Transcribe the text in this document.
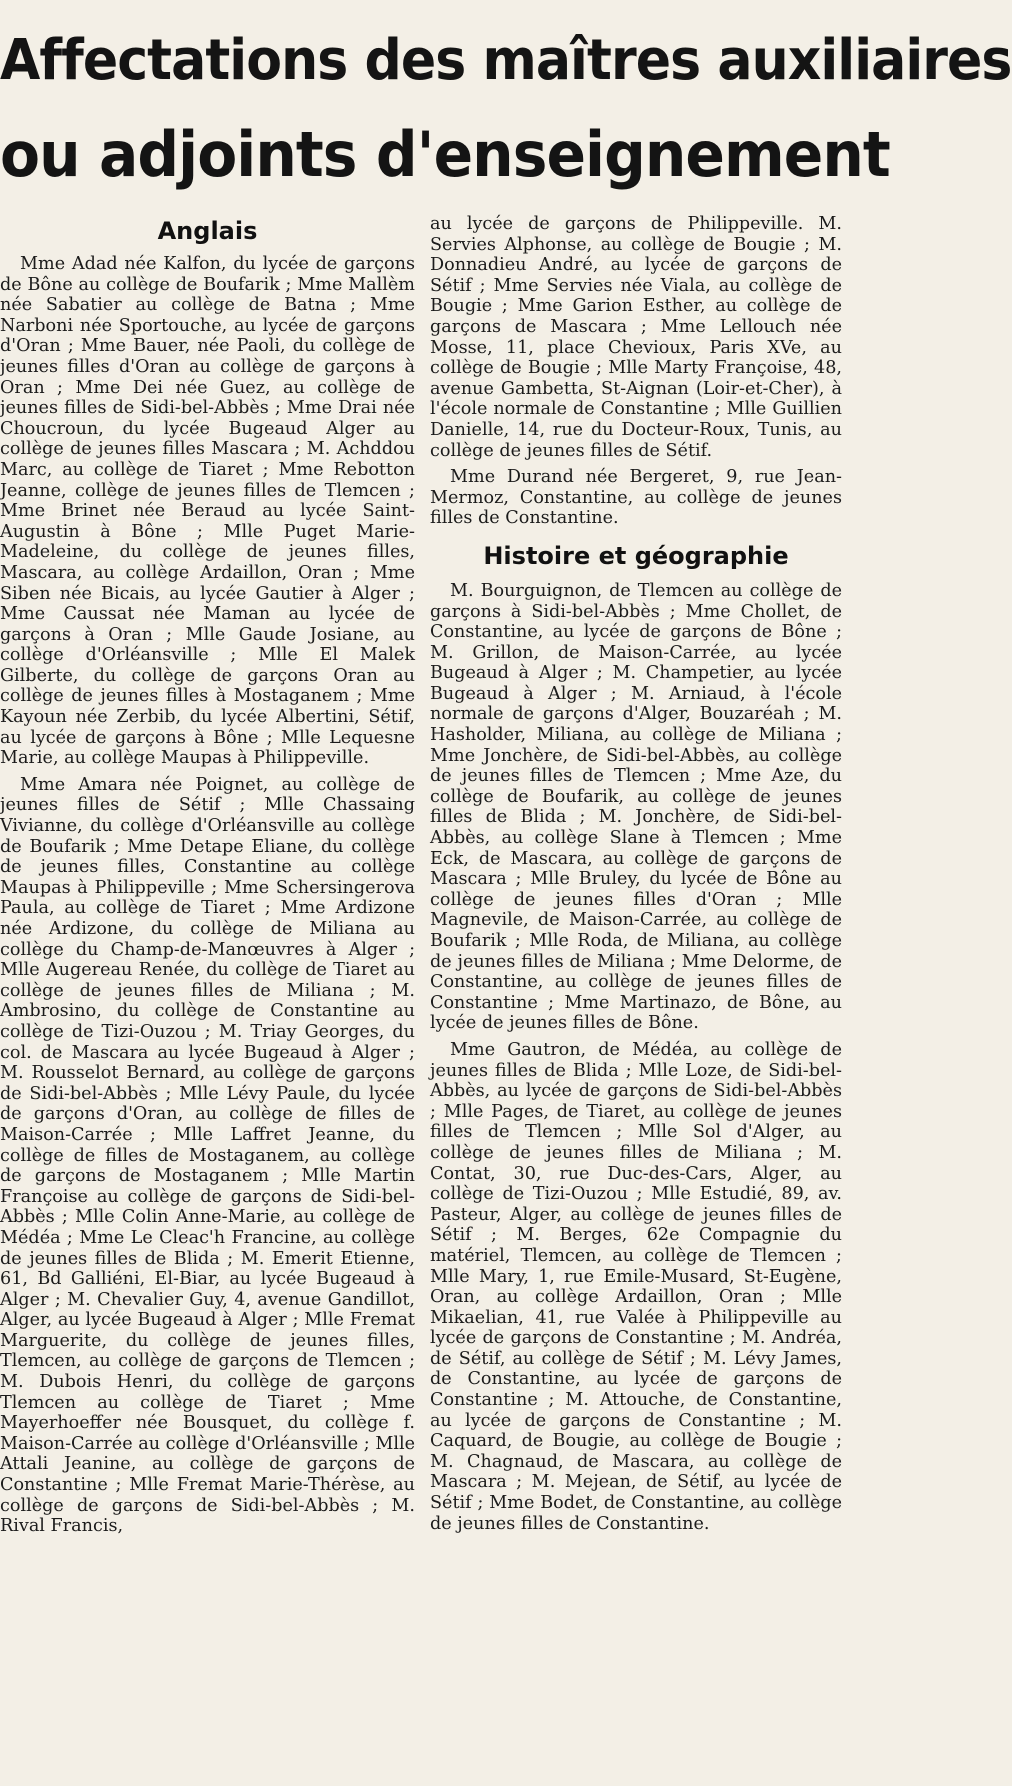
Affectations des maîtres auxiliaires
ou adjoints d'enseignement
Anglais

Mme Adad née Kalfon, du lycée de garçons de Bône au collège de Boufarik ; Mme Mallèm née Sabatier au collège de Batna ; Mme Narboni née Sportouche, au lycée de garçons d'Oran ; Mme Bauer, née Paoli, du collège de jeunes filles d'Oran au collège de garçons à Oran ; Mme Dei née Guez, au collège de jeunes filles de Sidi-bel-Abbès ; Mme Drai née Choucroun, du lycée Bugeaud Alger au collège de jeunes filles Mascara ; M. Achddou Marc, au collège de Tiaret ; Mme Rebotton Jeanne, collège de jeunes filles de Tlemcen ; Mme Brinet née Beraud au lycée Saint-Augustin à Bône ; Mlle Puget Marie-Madeleine, du collège de jeunes filles, Mascara, au collège Ardaillon, Oran ; Mme Siben née Bicais, au lycée Gautier à Alger ; Mme Caussat née Maman au lycée de garçons à Oran ; Mlle Gaude Josiane, au collège d'Orléansville ; Mlle El Malek Gilberte, du collège de garçons Oran au collège de jeunes filles à Mostaganem ; Mme Kayoun née Zerbib, du lycée Albertini, Sétif, au lycée de garçons à Bône ; Mlle Lequesne Marie, au collège Maupas à Philippeville.

Mme Amara née Poignet, au collège de jeunes filles de Sétif ; Mlle Chassaing Vivianne, du collège d'Orléansville au collège de Boufarik ; Mme Detape Eliane, du collège de jeunes filles, Constantine au collège Maupas à Philippeville ; Mme Schersingerova Paula, au collège de Tiaret ; Mme Ardizone née Ardizone, du collège de Miliana au collège du Champ-de-Manœuvres à Alger ; Mlle Augereau Renée, du collège de Tiaret au collège de jeunes filles de Miliana ; M. Ambrosino, du collège de Constantine au collège de Tizi-Ouzou ; M. Triay Georges, du col. de Mascara au lycée Bugeaud à Alger ; M. Rousselot Bernard, au collège de garçons de Sidi-bel-Abbès ; Mlle Lévy Paule, du lycée de garçons d'Oran, au collège de filles de Maison-Carrée ; Mlle Laffret Jeanne, du collège de filles de Mostaganem, au collège de garçons de Mostaganem ; Mlle Martin Françoise au collège de garçons de Sidi-bel-Abbès ; Mlle Colin Anne-Marie, au collège de Médéa ; Mme Le Cleac'h Francine, au collège de jeunes filles de Blida ; M. Emerit Etienne, 61, Bd Galliéni, El-Biar, au lycée Bugeaud à Alger ; M. Chevalier Guy, 4, avenue Gandillot, Alger, au lycée Bugeaud à Alger ; Mlle Fremat Marguerite, du collège de jeunes filles, Tlemcen, au collège de garçons de Tlemcen ; M. Dubois Henri, du collège de garçons Tlemcen au collège de Tiaret ; Mme Mayerhoeffer née Bousquet, du collège f. Maison-Carrée au collège d'Orléansville ; Mlle Attali Jeanine, au collège de garçons de Constantine ; Mlle Fremat Marie-Thérèse, au collège de garçons de Sidi-bel-Abbès ; M. Rival Francis,

au lycée de garçons de Philippeville. M. Servies Alphonse, au collège de Bougie ; M. Donnadieu André, au lycée de garçons de Sétif ; Mme Servies née Viala, au collège de Bougie ; Mme Garion Esther, au collège de garçons de Mascara ; Mme Lellouch née Mosse, 11, place Chevioux, Paris XVe, au collège de Bougie ; Mlle Marty Françoise, 48, avenue Gambetta, St-Aignan (Loir-et-Cher), à l'école normale de Constantine ; Mlle Guillien Danielle, 14, rue du Docteur-Roux, Tunis, au collège de jeunes filles de Sétif.

Mme Durand née Bergeret, 9, rue Jean-Mermoz, Constantine, au collège de jeunes filles de Constantine.

Histoire et géographie

M. Bourguignon, de Tlemcen au collège de garçons à Sidi-bel-Abbès ; Mme Chollet, de Constantine, au lycée de garçons de Bône ; M. Grillon, de Maison-Carrée, au lycée Bugeaud à Alger ; M. Champetier, au lycée Bugeaud à Alger ; M. Arniaud, à l'école normale de garçons d'Alger, Bouzaréah ; M. Hasholder, Miliana, au collège de Miliana ; Mme Jonchère, de Sidi-bel-Abbès, au collège de jeunes filles de Tlemcen ; Mme Aze, du collège de Boufarik, au collège de jeunes filles de Blida ; M. Jonchère, de Sidi-bel-Abbès, au collège Slane à Tlemcen ; Mme Eck, de Mascara, au collège de garçons de Mascara ; Mlle Bruley, du lycée de Bône au collège de jeunes filles d'Oran ; Mlle Magnevile, de Maison-Carrée, au collège de Boufarik ; Mlle Roda, de Miliana, au collège de jeunes filles de Miliana ; Mme Delorme, de Constantine, au collège de jeunes filles de Constantine ; Mme Martinazo, de Bône, au lycée de jeunes filles de Bône.

Mme Gautron, de Médéa, au collège de jeunes filles de Blida ; Mlle Loze, de Sidi-bel-Abbès, au lycée de garçons de Sidi-bel-Abbès ; Mlle Pages, de Tiaret, au collège de jeunes filles de Tlemcen ; Mlle Sol d'Alger, au collège de jeunes filles de Miliana ; M. Contat, 30, rue Duc-des-Cars, Alger, au collège de Tizi-Ouzou ; Mlle Estudié, 89, av. Pasteur, Alger, au collège de jeunes filles de Sétif ; M. Berges, 62e Compagnie du matériel, Tlemcen, au collège de Tlemcen ; Mlle Mary, 1, rue Emile-Musard, St-Eugène, Oran, au collège Ardaillon, Oran ; Mlle Mikaelian, 41, rue Valée à Philippeville au lycée de garçons de Constantine ; M. Andréa, de Sétif, au collège de Sétif ; M. Lévy James, de Constantine, au lycée de garçons de Constantine ; M. Attouche, de Constantine, au lycée de garçons de Constantine ; M. Caquard, de Bougie, au collège de Bougie ; M. Chagnaud, de Mascara, au collège de Mascara ; M. Mejean, de Sétif, au lycée de Sétif ; Mme Bodet, de Constantine, au collège de jeunes filles de Constantine.
